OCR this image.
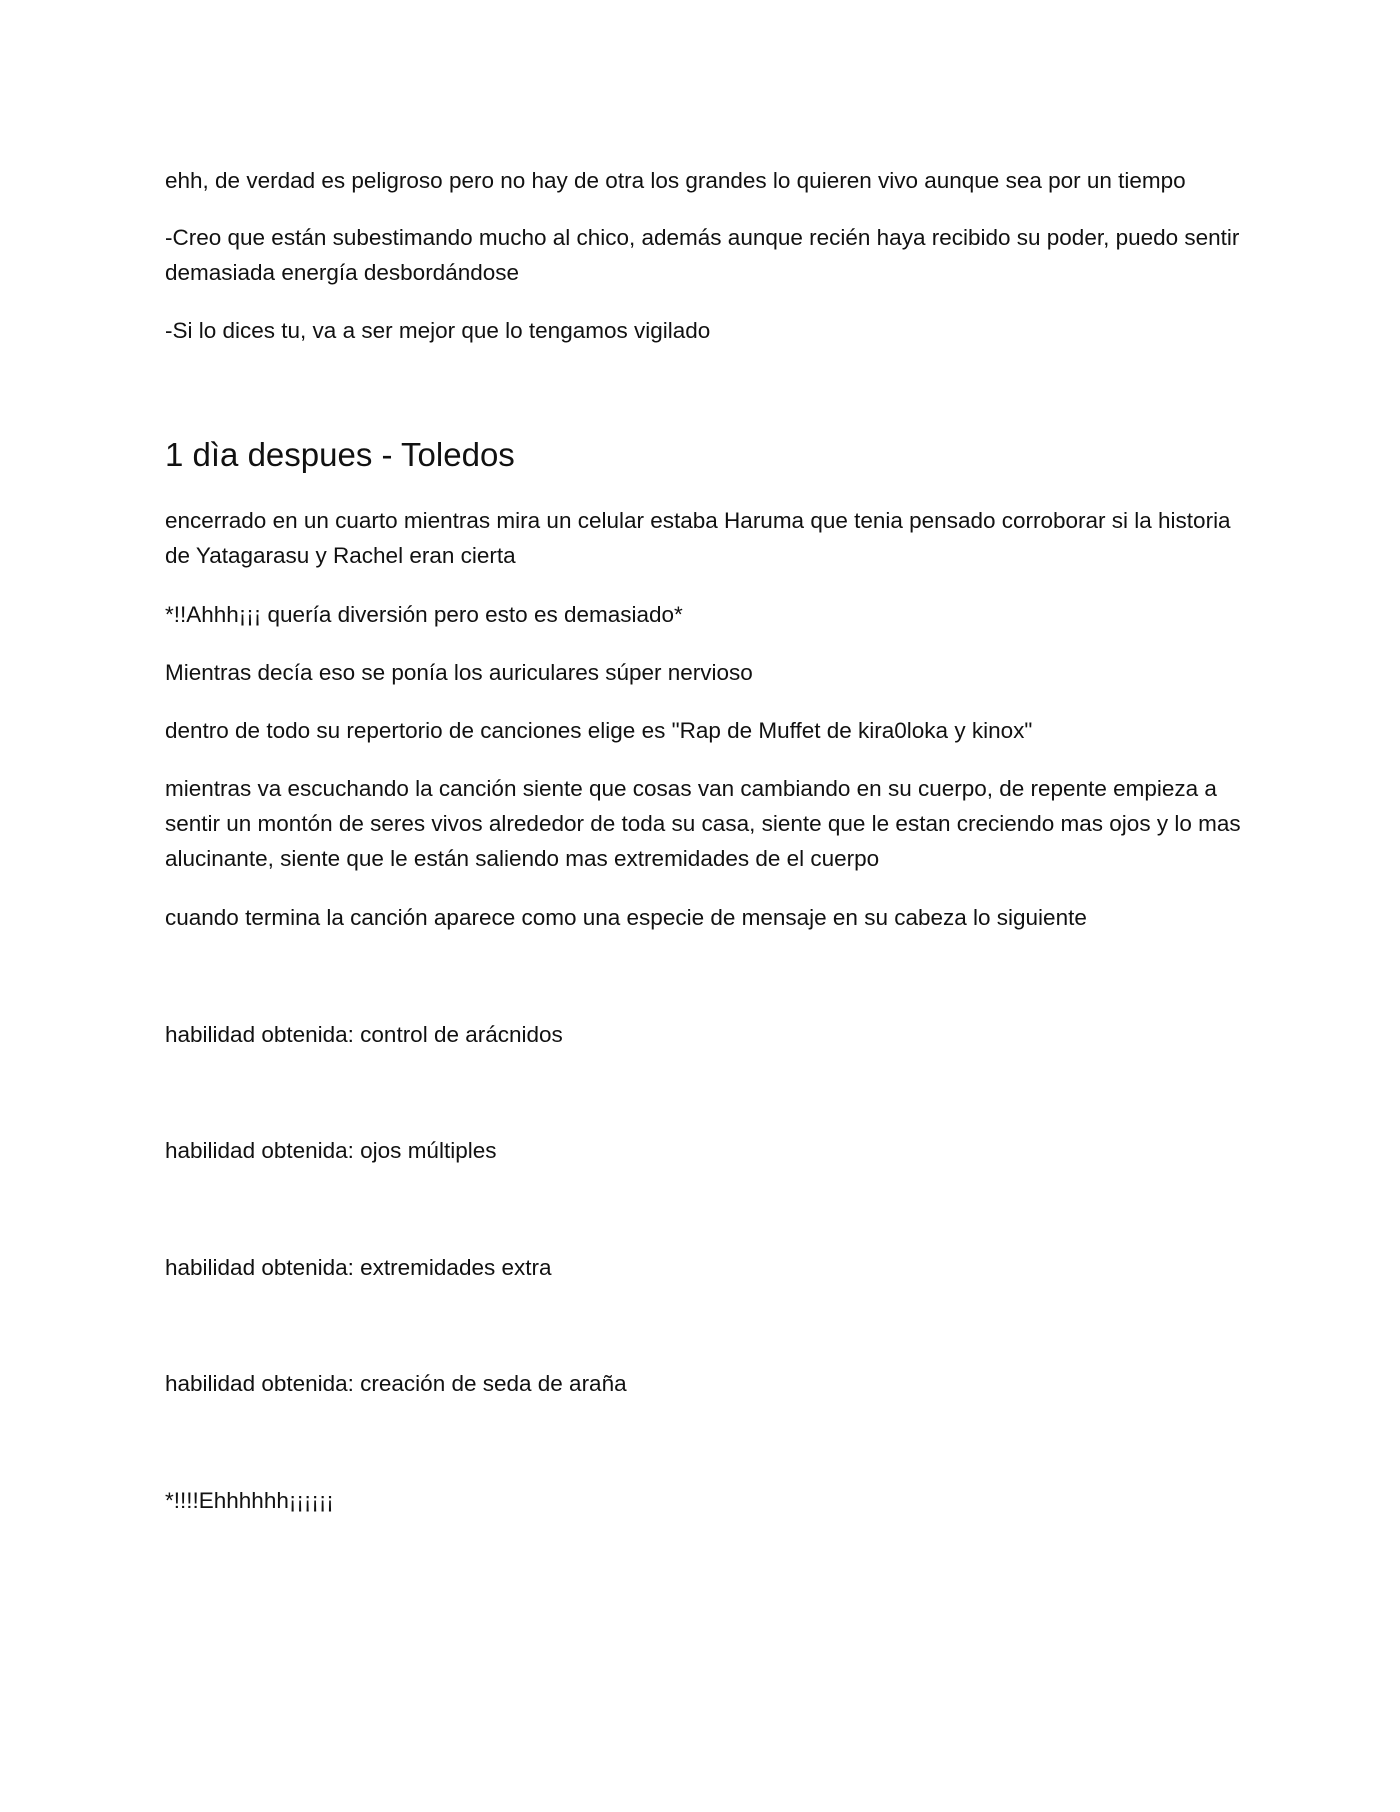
ehh, de verdad es peligroso pero no hay de otra los grandes lo quieren vivo aunque sea por un tiempo

-Creo que están subestimando mucho al chico, además aunque recién haya recibido su poder, puedo sentir demasiada energía desbordándose

-Si lo dices tu, va a ser mejor que lo tengamos vigilado

1 dìa despues - Toledos

encerrado en un cuarto mientras mira un celular estaba Haruma que tenia pensado corroborar si la historia de Yatagarasu y Rachel eran cierta

*!!Ahhh¡¡¡ quería diversión pero esto es demasiado*

Mientras decía eso se ponía los auriculares súper nervioso

dentro de todo su repertorio de canciones elige es "Rap de Muffet de kira0loka y kinox"

mientras va escuchando la canción siente que cosas van cambiando en su cuerpo, de repente empieza a sentir un montón de seres vivos alrededor de toda su casa, siente que le estan creciendo mas ojos y lo mas alucinante, siente que le están saliendo mas extremidades de el cuerpo

cuando termina la canción aparece como una especie de mensaje en su cabeza lo siguiente

habilidad obtenida: control de arácnidos

habilidad obtenida: ojos múltiples

habilidad obtenida: extremidades extra

habilidad obtenida: creación de seda de araña

*!!!!Ehhhhhh¡¡¡¡¡¡
